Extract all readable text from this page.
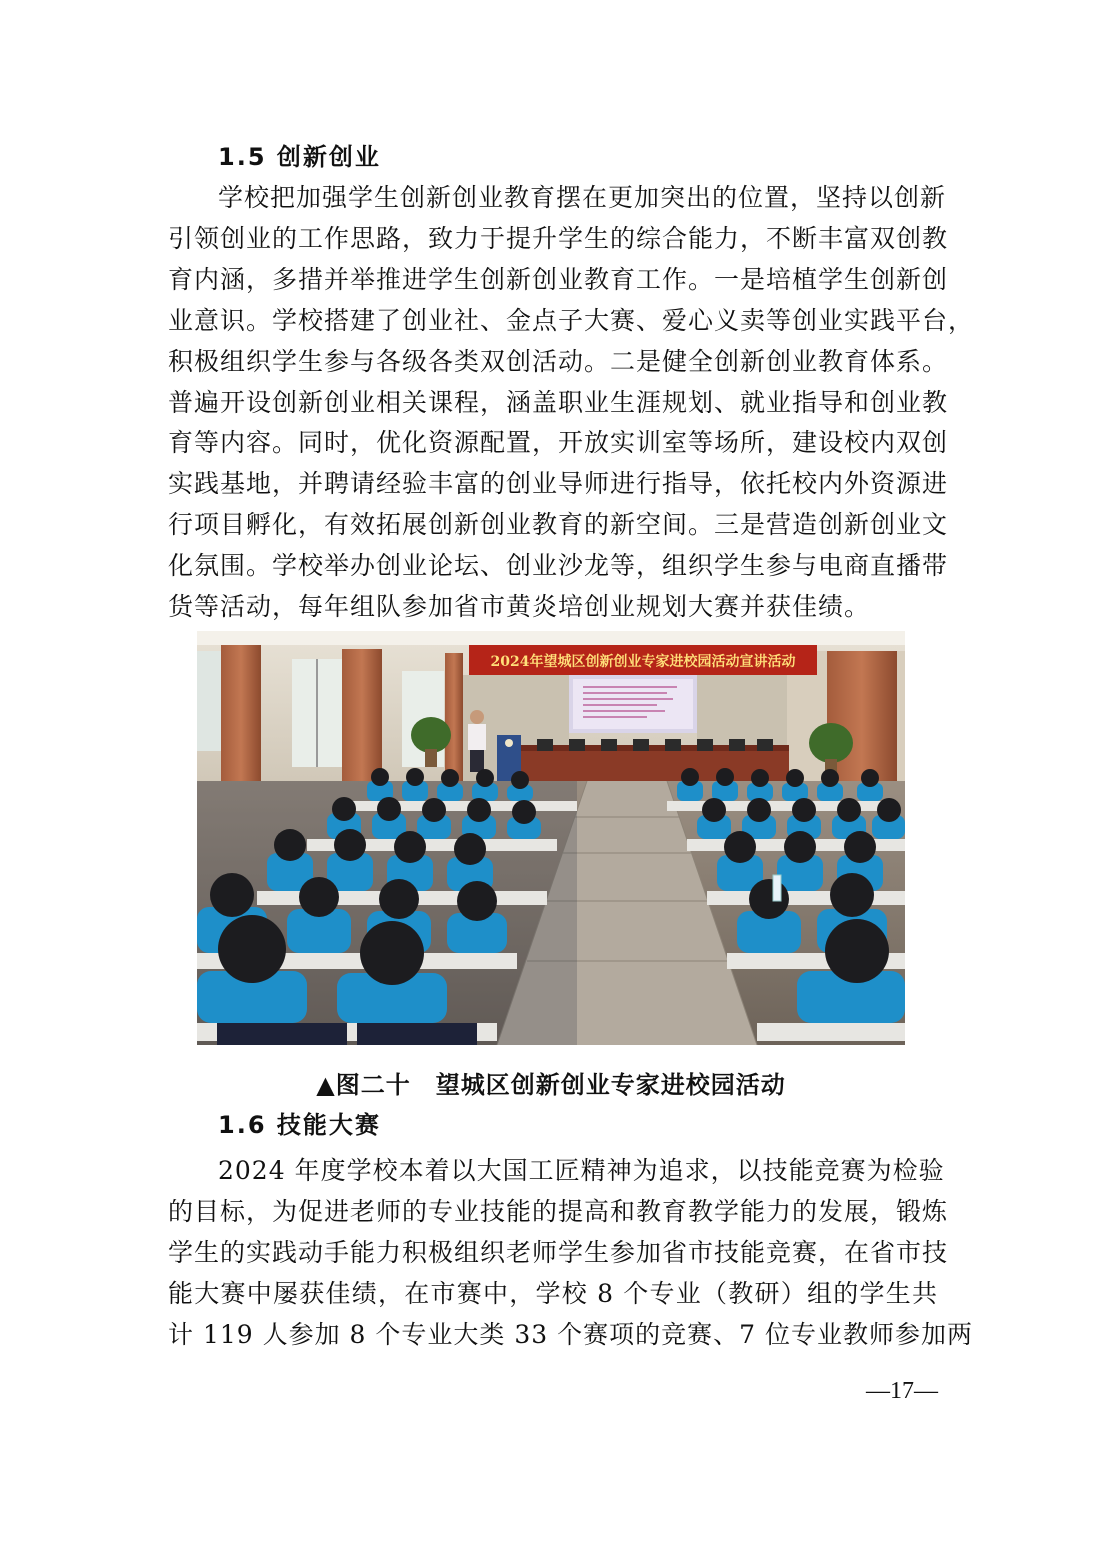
1.5 创新创业
学校把加强学生创新创业教育摆在更加突出的位置，坚持以创新
引领创业的工作思路，致力于提升学生的综合能力，不断丰富双创教
育内涵，多措并举推进学生创新创业教育工作。一是培植学生创新创
业意识。学校搭建了创业社、金点子大赛、爱心义卖等创业实践平台，
积极组织学生参与各级各类双创活动。二是健全创新创业教育体系。
普遍开设创新创业相关课程，涵盖职业生涯规划、就业指导和创业教
育等内容。同时，优化资源配置，开放实训室等场所，建设校内双创
实践基地，并聘请经验丰富的创业导师进行指导，依托校内外资源进
行项目孵化，有效拓展创新创业教育的新空间。三是营造创新创业文
化氛围。学校举办创业论坛、创业沙龙等，组织学生参与电商直播带
货等活动，每年组队参加省市黄炎培创业规划大赛并获佳绩。
2024年望城区创新创业专家进校园活动宣讲活动
▲图二十　望城区创新创业专家进校园活动
1.6 技能大赛
2024 年度学校本着以大国工匠精神为追求，以技能竞赛为检验
的目标，为促进老师的专业技能的提高和教育教学能力的发展，锻炼
学生的实践动手能力积极组织老师学生参加省市技能竞赛，在省市技
能大赛中屡获佳绩，在市赛中，学校 8 个专业（教研）组的学生共
计 119 人参加 8 个专业大类 33 个赛项的竞赛、7 位专业教师参加两
—17—
